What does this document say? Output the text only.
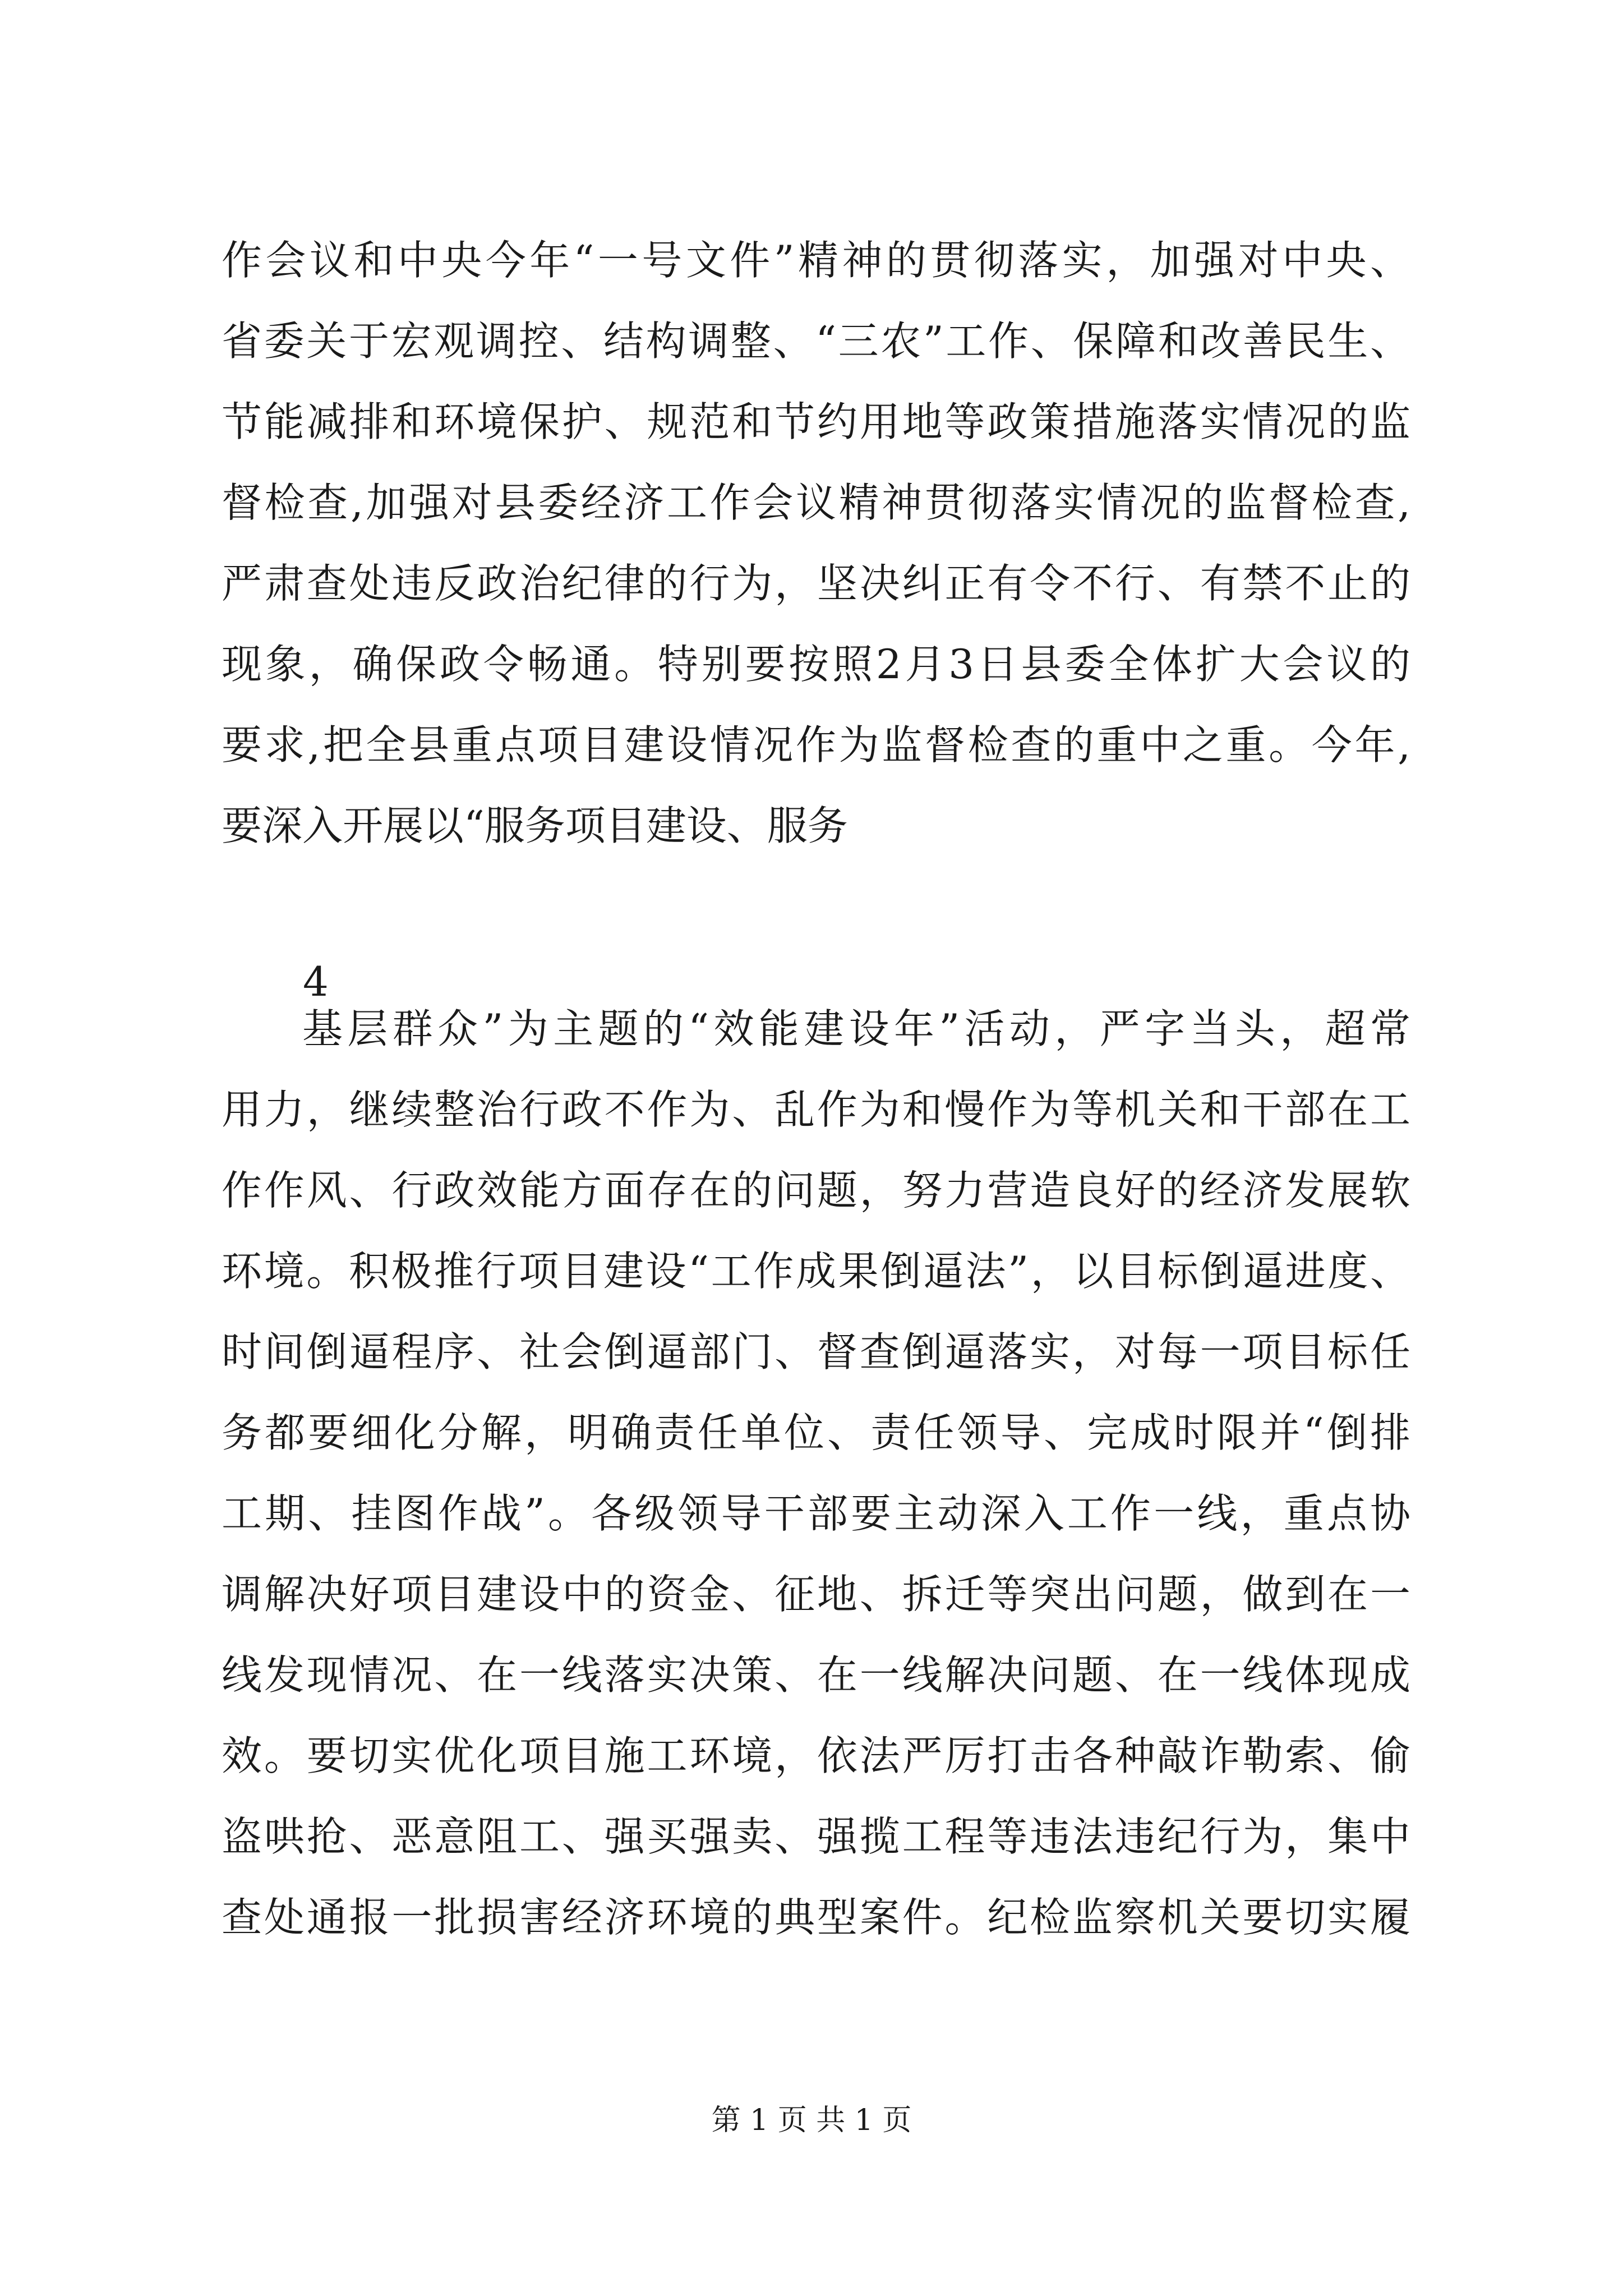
作会议和中央今年“一号文件”精神的贯彻落实，加强对中央、
省委关于宏观调控、结构调整、“三农”工作、保障和改善民生、
节能减排和环境保护、规范和节约用地等政策措施落实情况的监
督检查,加强对县委经济工作会议精神贯彻落实情况的监督检查,
严肃查处违反政治纪律的行为，坚决纠正有令不行、有禁不止的
现象，确保政令畅通。特别要按照2月3日县委全体扩大会议的
要求,把全县重点项目建设情况作为监督检查的重中之重。今年,
要深入开展以“服务项目建设、服务
4
基层群众”为主题的“效能建设年”活动，严字当头，超常
用力，继续整治行政不作为、乱作为和慢作为等机关和干部在工
作作风、行政效能方面存在的问题，努力营造良好的经济发展软
环境。积极推行项目建设“工作成果倒逼法”，以目标倒逼进度、
时间倒逼程序、社会倒逼部门、督查倒逼落实，对每一项目标任
务都要细化分解，明确责任单位、责任领导、完成时限并“倒排
工期、挂图作战”。各级领导干部要主动深入工作一线，重点协
调解决好项目建设中的资金、征地、拆迁等突出问题，做到在一
线发现情况、在一线落实决策、在一线解决问题、在一线体现成
效。要切实优化项目施工环境，依法严厉打击各种敲诈勒索、偷
盗哄抢、恶意阻工、强买强卖、强揽工程等违法违纪行为，集中
查处通报一批损害经济环境的典型案件。纪检监察机关要切实履
第 1 页 共 1 页
